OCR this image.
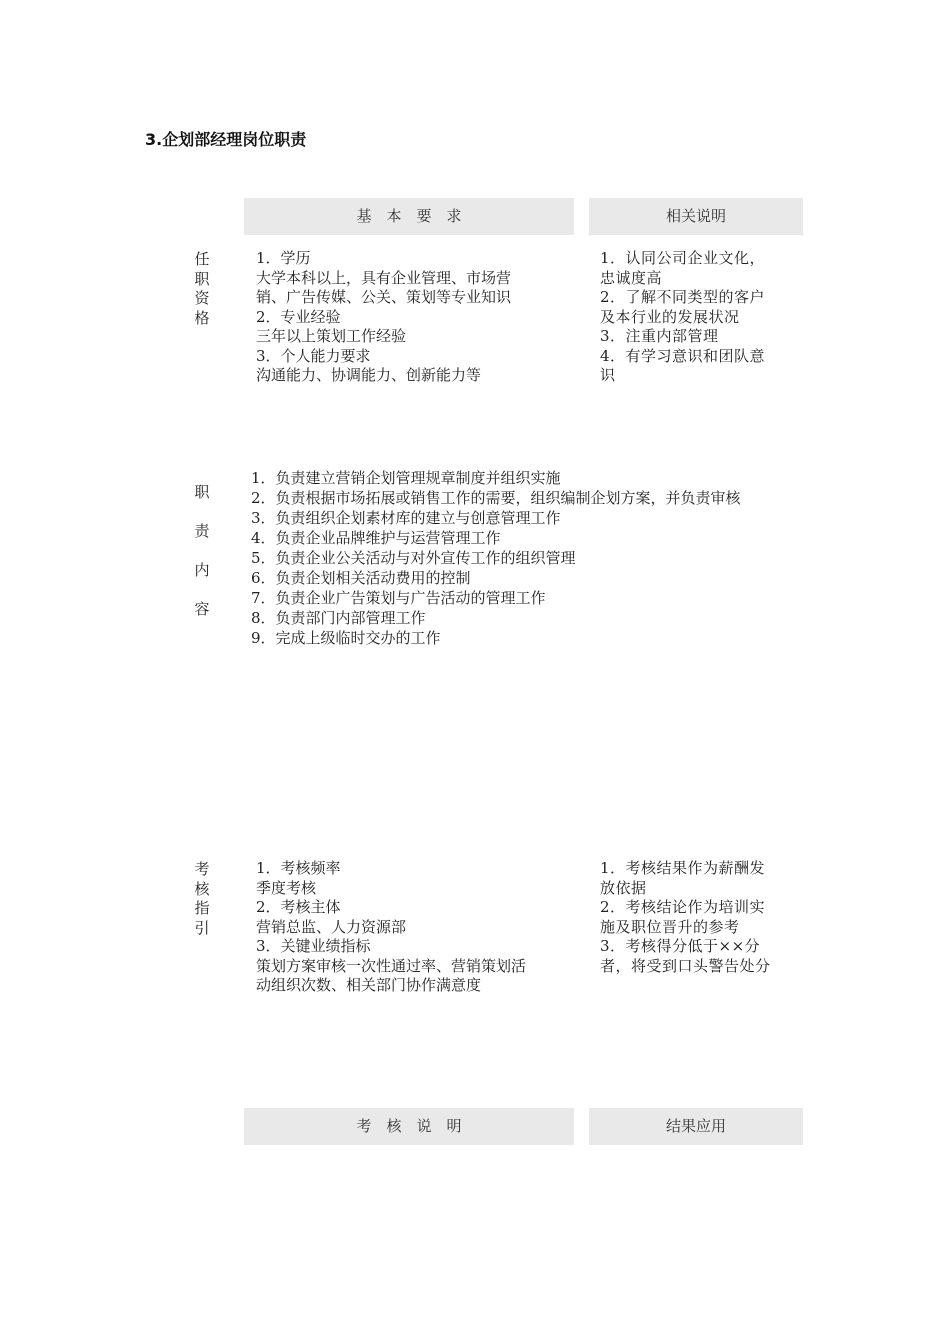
3.企划部经理岗位职责
基　本　要　求	相关说明
任
职
资
格
1．学历
大学本科以上，具有企业管理、市场营
销、广告传媒、公关、策划等专业知识
2．专业经验
三年以上策划工作经验
3．个人能力要求
沟通能力、协调能力、创新能力等
1．认同公司企业文化，
忠诚度高
2．了解不同类型的客户
及本行业的发展状况
3．注重内部管理
4．有学习意识和团队意
识
职
责
内
容
1．负责建立营销企划管理规章制度并组织实施
2．负责根据市场拓展或销售工作的需要，组织编制企划方案，并负责审核
3．负责组织企划素材库的建立与创意管理工作
4．负责企业品牌维护与运营管理工作
5．负责企业公关活动与对外宣传工作的组织管理
6．负责企划相关活动费用的控制
7．负责企业广告策划与广告活动的管理工作
8．负责部门内部管理工作
9．完成上级临时交办的工作
考
核
指
引
1．考核频率
季度考核
2．考核主体
营销总监、人力资源部
3．关键业绩指标
策划方案审核一次性通过率、营销策划活
动组织次数、相关部门协作满意度
1．考核结果作为薪酬发
放依据
2．考核结论作为培训实
施及职位晋升的参考
3．考核得分低于××分
者，将受到口头警告处分
考　核　说　明	结果应用
